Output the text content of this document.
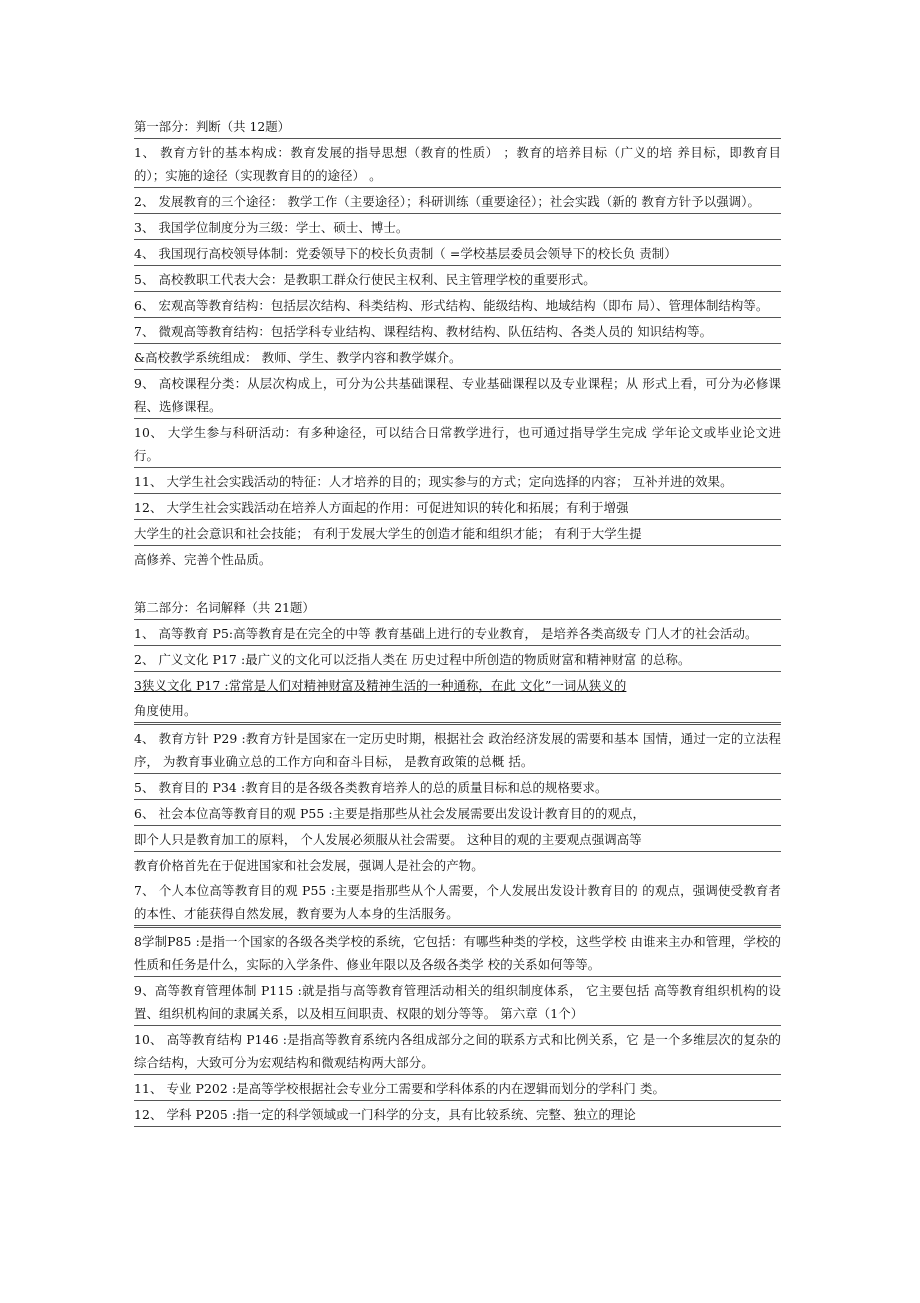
第一部分：判断（共 12题）
1、 教育方针的基本构成：教育发展的指导思想（教育的性质） ；教育的培养目标（广义的培 养目标，即教育目的）；实施的途径（实现教育目的的途径） 。
2、 发展教育的三个途径： 教学工作（主要途径）；科研训练（重要途径）；社会实践（新的 教育方针予以强调）。
3、 我国学位制度分为三级：学士、硕士、博士。
4、 我国现行高校领导体制：党委领导下的校长负责制（ =学校基层委员会领导下的校长负 责制）
5、 高校教职工代表大会：是教职工群众行使民主权利、民主管理学校的重要形式。
6、 宏观高等教育结构：包括层次结构、科类结构、形式结构、能级结构、地域结构（即布 局）、管理体制结构等。
7、 微观高等教育结构：包括学科专业结构、课程结构、教材结构、队伍结构、各类人员的 知识结构等。
&高校教学系统组成： 教师、学生、教学内容和教学媒介。
9、 高校课程分类：从层次构成上，可分为公共基础课程、专业基础课程以及专业课程；从 形式上看，可分为必修课程、选修课程。
10、 大学生参与科研活动：有多种途径，可以结合日常教学进行，也可通过指导学生完成 学年论文或毕业论文进行。
11、 大学生社会实践活动的特征：人才培养的目的；现实参与的方式；定向选择的内容； 互补并进的效果。
12、 大学生社会实践活动在培养人方面起的作用：可促进知识的转化和拓展；有利于增强
大学生的社会意识和社会技能； 有利于发展大学生的创造才能和组织才能； 有利于大学生提
高修养、完善个性品质。
第二部分：名词解释（共 21题）
1、 高等教育 P5:高等教育是在完全的中等 教育基础上进行的专业教育， 是培养各类高级专 门人才的社会活动。
2、 广义文化 P17 :最广义的文化可以泛指人类在 历史过程中所创造的物质财富和精神财富 的总称。
3狭义文化 P17 :常常是人们对精神财富及精神生活的一种通称，在此 文化”一词从狭义的
角度使用。
4、 教育方针 P29 :教育方针是国家在一定历史时期，根据社会 政治经济发展的需要和基本 国情，通过一定的立法程序， 为教育事业确立总的工作方向和奋斗目标， 是教育政策的总概 括。
5、 教育目的 P34 :教育目的是各级各类教育培养人的总的质量目标和总的规格要求。
6、 社会本位高等教育目的观 P55 :主要是指那些从社会发展需要出发设计教育目的的观点，
即个人只是教育加工的原料， 个人发展必须服从社会需要。 这种目的观的主要观点强调高等
教育价格首先在于促进国家和社会发展，强调人是社会的产物。
7、 个人本位高等教育目的观 P55 :主要是指那些从个人需要，个人发展出发设计教育目的 的观点，强调使受教育者的本性、才能获得自然发展，教育要为人本身的生活服务。
8学制P85 :是指一个国家的各级各类学校的系统，它包括：有哪些种类的学校，这些学校 由谁来主办和管理，学校的性质和任务是什么，实际的入学条件、修业年限以及各级各类学 校的关系如何等等。
9、高等教育管理体制 P115 :就是指与高等教育管理活动相关的组织制度体系， 它主要包括 高等教育组织机构的设置、组织机构间的隶属关系，以及相互间职责、权限的划分等等。 第六章（1个）
10、 高等教育结构 P146 :是指高等教育系统内各组成部分之间的联系方式和比例关系，它 是一个多维层次的复杂的综合结构，大致可分为宏观结构和微观结构两大部分。
11、 专业 P202 :是高等学校根据社会专业分工需要和学科体系的内在逻辑而划分的学科门 类。
12、 学科 P205 :指一定的科学领域或一门科学的分支，具有比较系统、完整、独立的理论
